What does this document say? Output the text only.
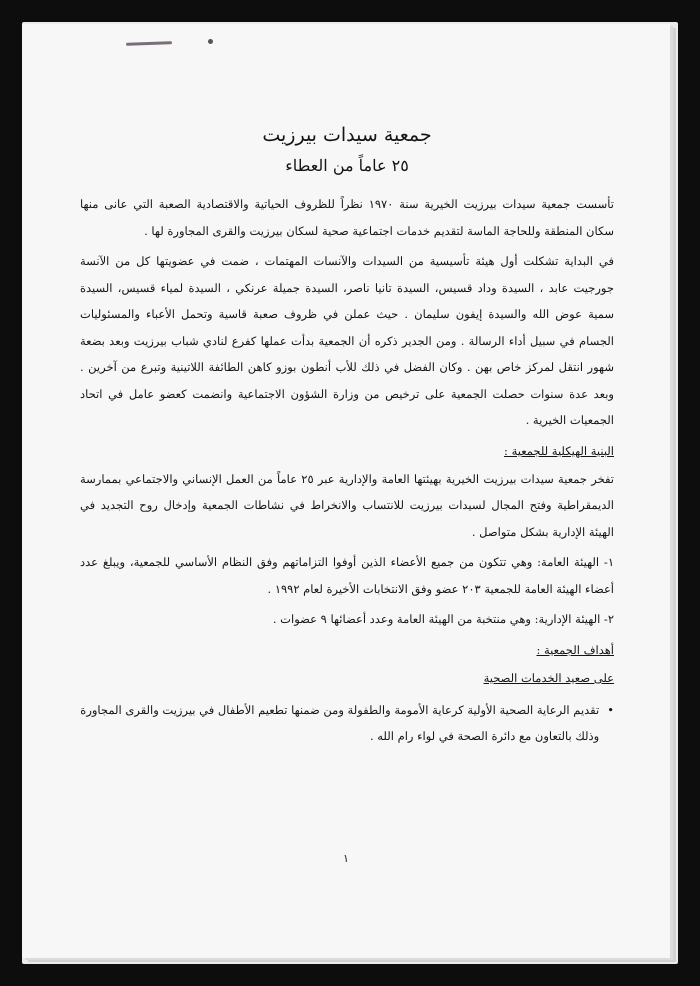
جمعية سيدات بيرزيت
٢٥ عاماً من العطاء

تأسست جمعية سيدات بيرزيت الخيرية سنة ١٩٧٠ نظراً للظروف الحياتية والاقتصادية الصعبة التي عانى منها سكان المنطقة وللحاجة الماسة لتقديم خدمات اجتماعية صحية لسكان بيرزيت والقرى المجاورة لها .

في البداية تشكلت أول هيئة تأسيسية من السيدات والآنسات المهتمات ، ضمت في عضويتها كل من الآنسة جورجيت عابد ، السيدة وداد قسيس، السيدة تانيا ناصر، السيدة جميلة عرنكي ، السيدة لمياء قسيس، السيدة سمية عوض الله والسيدة إيفون سليمان . حيث عملن في ظروف صعبة قاسية وتحمل الأعباء والمسئوليات الجسام في سبيل أداء الرسالة . ومن الجدير ذكره أن الجمعية بدأت عملها كفرع لنادي شباب بيرزيت وبعد بضعة شهور انتقل لمركز خاص بهن . وكان الفضل في ذلك للأب أنطون بوزو كاهن الطائفة اللاتينية وتبرع من آخرين . وبعد عدة سنوات حصلت الجمعية على ترخيص من وزارة الشؤون الاجتماعية وانضمت كعضو عامل في اتحاد الجمعيات الخيرية .

البنية الهيكلية للجمعية :

تفخر جمعية سيدات بيرزيت الخيرية بهيئتها العامة والإدارية عبر ٢٥ عاماً من العمل الإنساني والاجتماعي بممارسة الديمقراطية وفتح المجال لسيدات بيرزيت للانتساب والانخراط في نشاطات الجمعية وإدخال روح التجديد في الهيئة الإدارية بشكل متواصل .

١- الهيئة العامة: وهي تتكون من جميع الأعضاء الذين أوفوا التزاماتهم وفق النظام الأساسي للجمعية، ويبلغ عدد أعضاء الهيئة العامة للجمعية ٢٠٣ عضو وفق الانتخابات الأخيرة لعام ١٩٩٢ .

٢- الهيئة الإدارية: وهي منتخبة من الهيئة العامة وعدد أعضائها ٩ عضوات .

أهداف الجمعية :
على صعيد الخدمات الصحية
•
تقديم الرعاية الصحية الأولية كرعاية الأمومة والطفولة ومن ضمنها تطعيم الأطفال في بيرزيت والقرى المجاورة وذلك بالتعاون مع دائرة الصحة في لواء رام الله .
١
